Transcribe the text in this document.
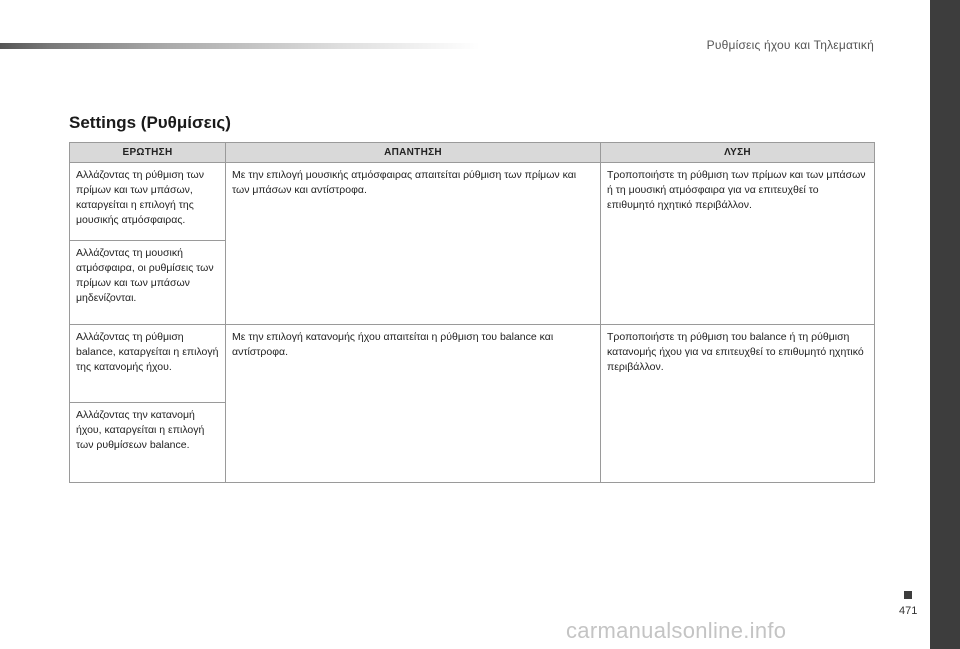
Ρυθμίσεις ήχου και Τηλεματική
Settings (Ρυθμίσεις)
ΕΡΩΤΗΣΗ	ΑΠΑΝΤΗΣΗ	ΛΥΣΗ
Αλλάζοντας τη ρύθμιση των πρίμων και των μπάσων, καταργείται η επιλογή της μουσικής ατμόσφαιρας.	Με την επιλογή μουσικής ατμόσφαιρας απαιτείται ρύθμιση των πρίμων και των μπάσων και αντίστροφα.	Τροποποιήστε τη ρύθμιση των πρίμων και των μπάσων ή τη μουσική ατμόσφαιρα για να επιτευχθεί το επιθυμητό ηχητικό περιβάλλον.
Αλλάζοντας τη μουσική ατμόσφαιρα, οι ρυθμίσεις των πρίμων και των μπάσων μηδενίζονται.		
Αλλάζοντας τη ρύθμιση balance, καταργείται η επιλογή της κατανομής ήχου.	Με την επιλογή κατανομής ήχου απαιτείται η ρύθμιση του balance και αντίστροφα.	Τροποποιήστε τη ρύθμιση του balance ή τη ρύθμιση κατανομής ήχου για να επιτευχθεί το επιθυμητό ηχητικό περιβάλλον.
Αλλάζοντας την κατανομή ήχου, καταργείται η επιλογή των ρυθμίσεων balance.		
471
carmanualsonline.info
